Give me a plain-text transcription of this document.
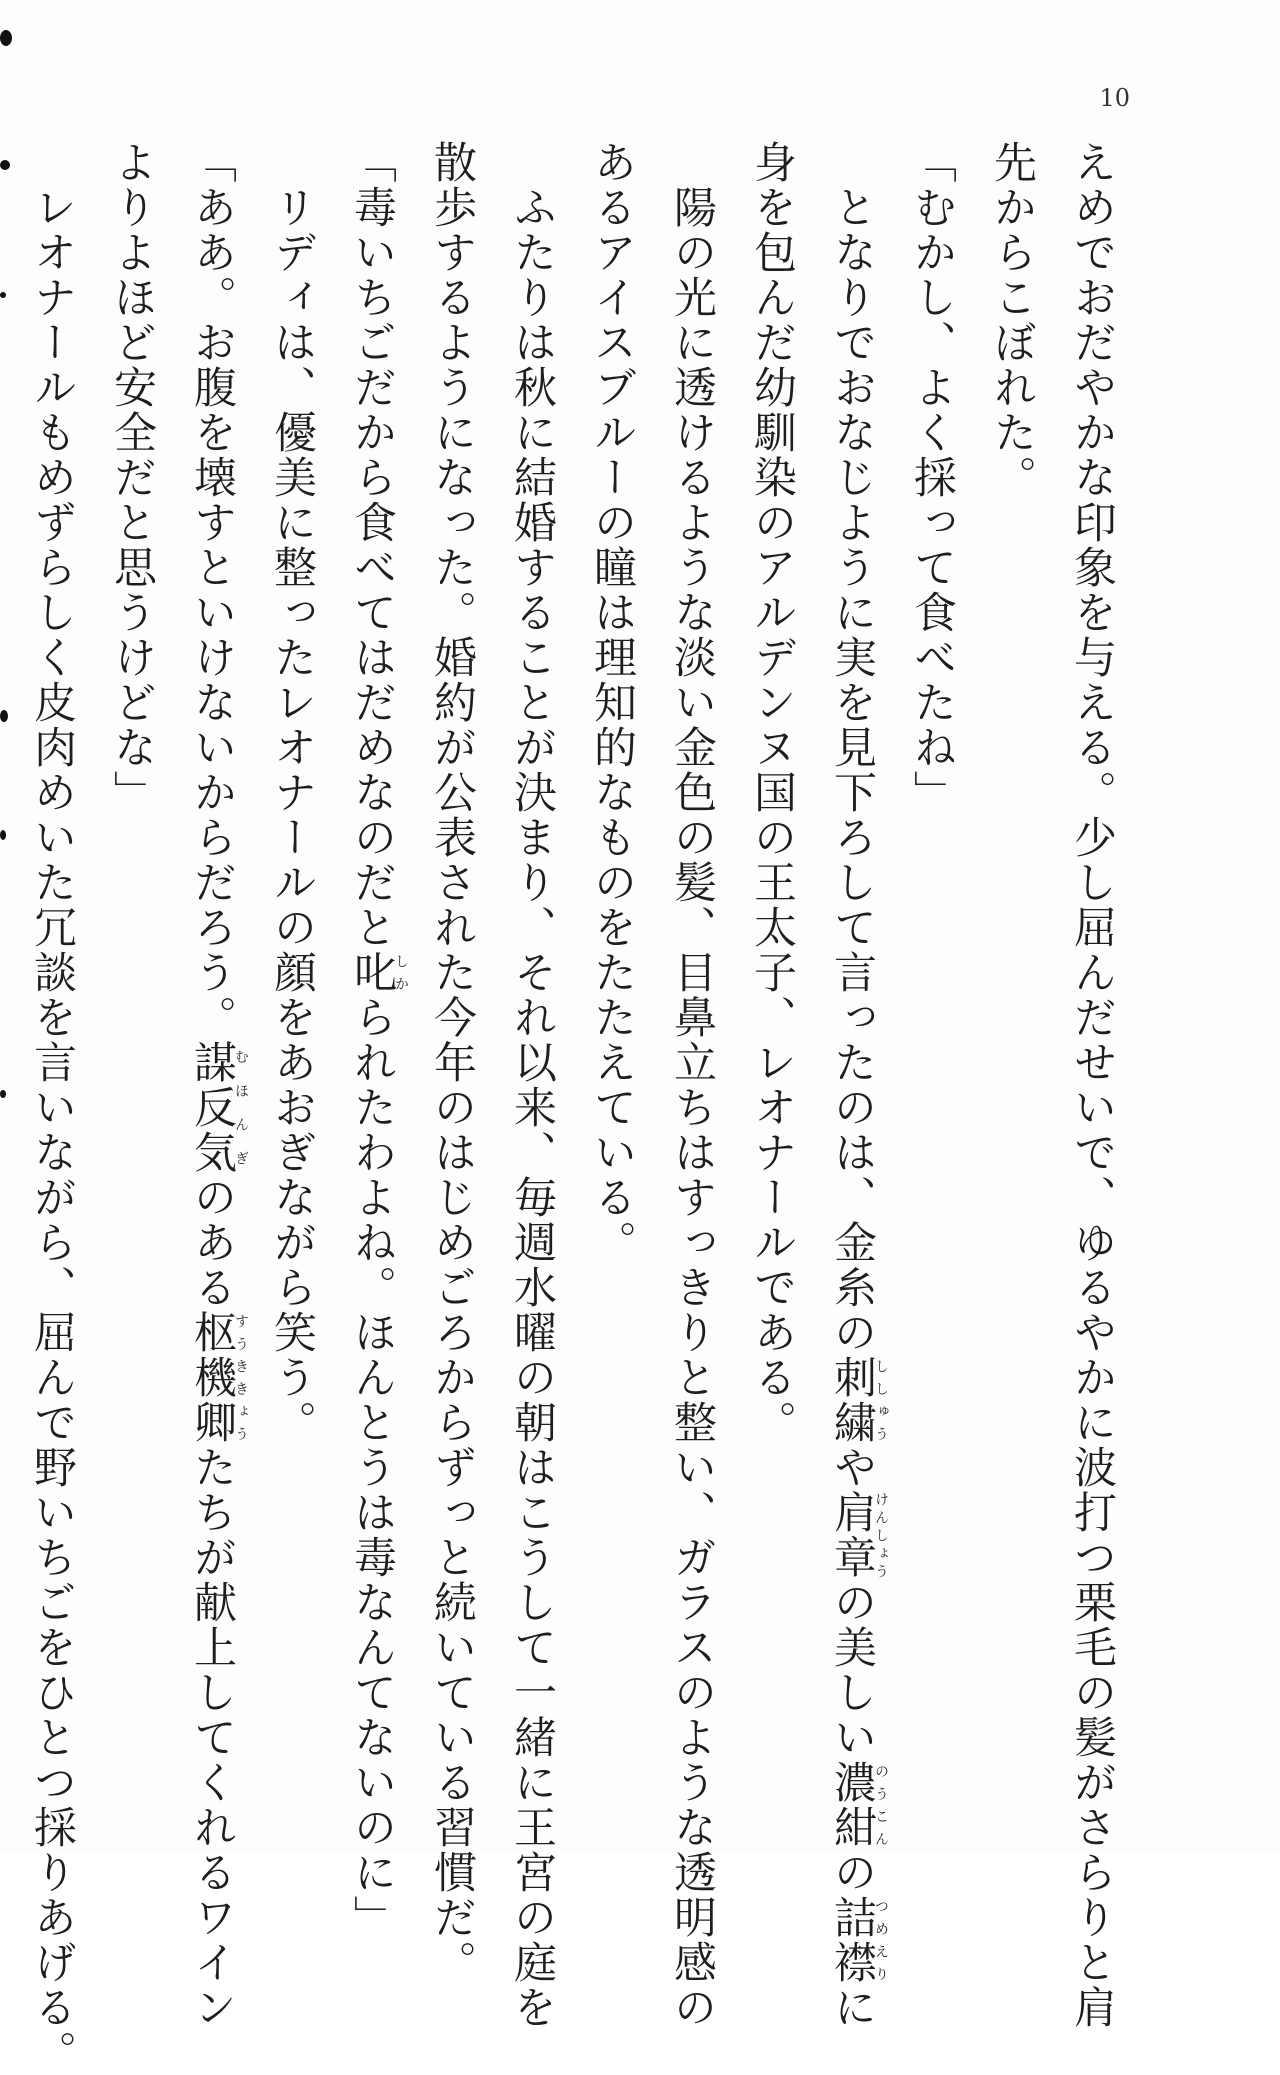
10
えめでおだやかな印象を与える。少し屈んだせいで、ゆるやかに波打つ栗毛の髪がさらりと肩
先からこぼれた。
「むかし、よく採って食べたね」
　となりでおなじように実を見下ろして言ったのは、金糸の刺繍ししゅうや肩章けんしょうの美しい濃紺のうこんの詰襟つめえりに
身を包んだ幼馴染のアルデンヌ国の王太子、レオナールである。
　陽の光に透けるような淡い金色の髪、目鼻立ちはすっきりと整い、ガラスのような透明感の
あるアイスブルーの瞳は理知的なものをたたえている。
　ふたりは秋に結婚することが決まり、それ以来、毎週水曜の朝はこうして一緒に王宮の庭を
散歩するようになった。婚約が公表された今年のはじめごろからずっと続いている習慣だ。
「毒いちごだから食べてはだめなのだと叱しかられたわよね。ほんとうは毒なんてないのに」
　リディは、優美に整ったレオナールの顔をあおぎながら笑う。
「ああ。お腹を壊すといけないからだろう。謀反気むほんぎのある枢機卿すうききょうたちが献上してくれるワイン
よりよほど安全だと思うけどな」
　レオナールもめずらしく皮肉めいた冗談を言いながら、屈んで野いちごをひとつ採りあげる。
